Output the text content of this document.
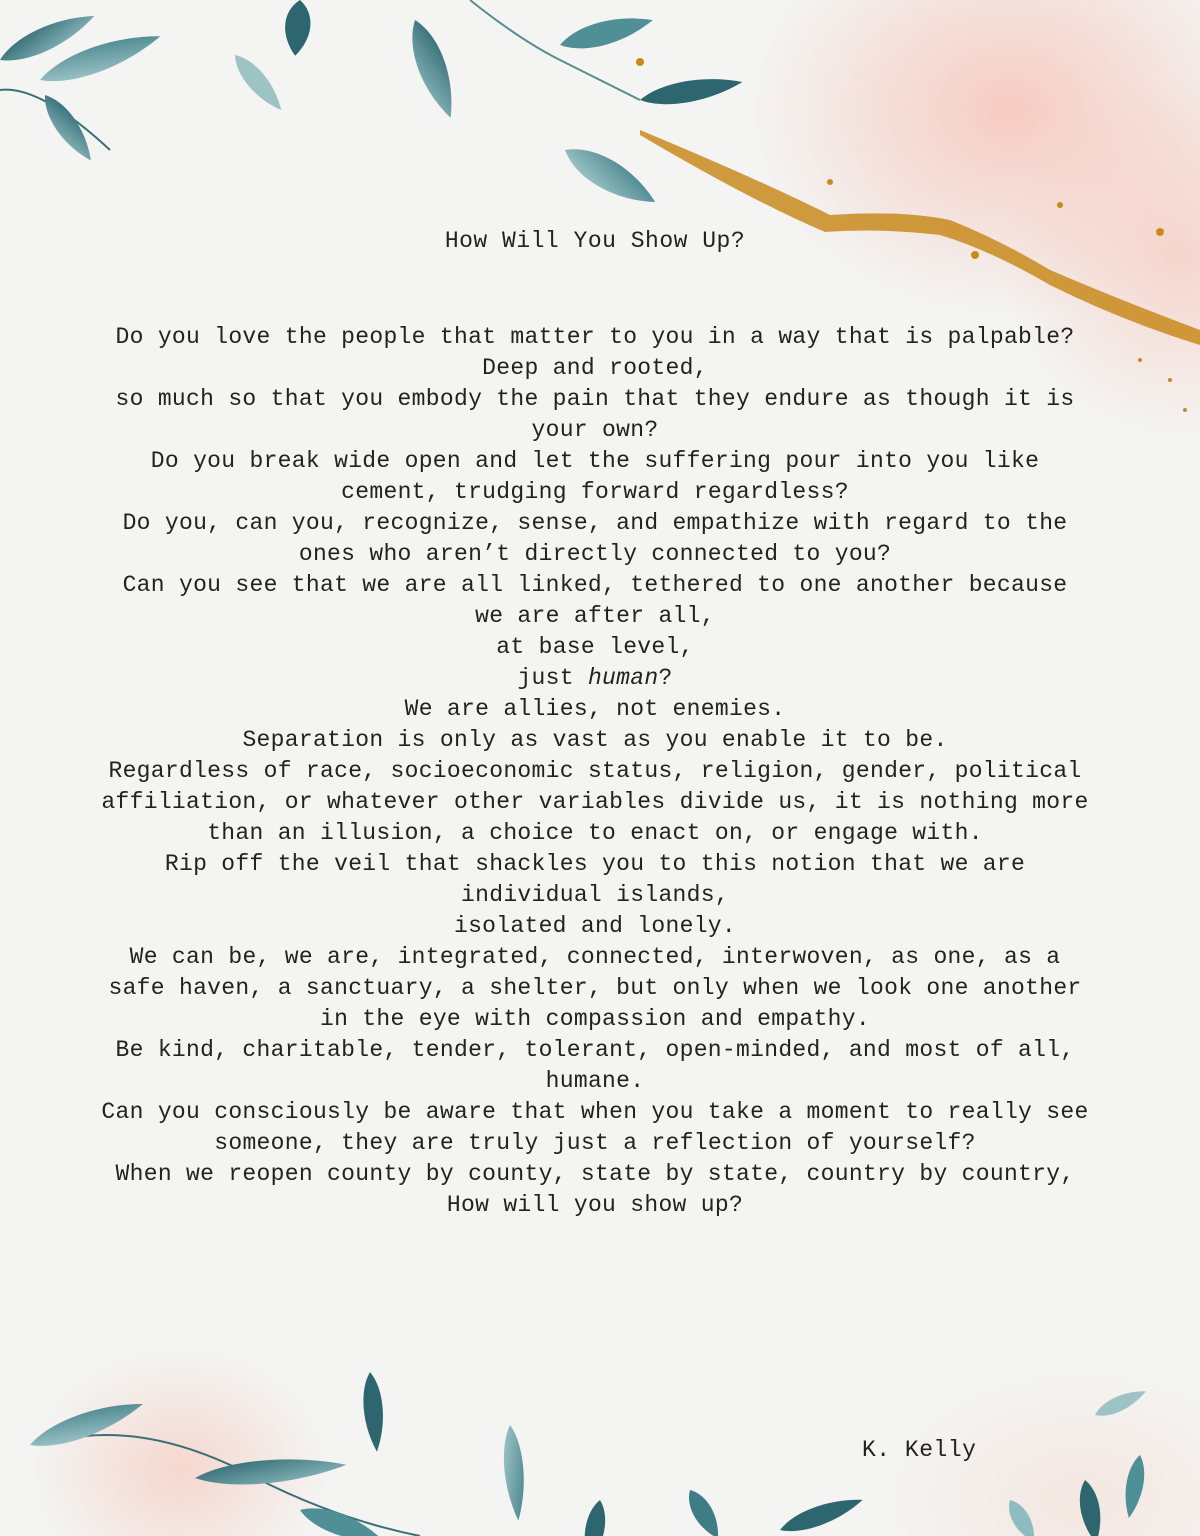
How Will You Show Up?
Do you love the people that matter to you in a way that is palpable?
Deep and rooted,
so much so that you embody the pain that they endure as though it is your own?
Do you break wide open and let the suffering pour into you like cement, trudging forward regardless?
Do you, can you, recognize, sense, and empathize with regard to the ones who aren’t directly connected to you?
Can you see that we are all linked, tethered to one another because
we are after all,
at base level,
just human?
We are allies, not enemies.
Separation is only as vast as you enable it to be.
Regardless of race, socioeconomic status, religion, gender, political affiliation, or whatever other variables divide us, it is nothing more than an illusion, a choice to enact on, or engage with.
Rip off the veil that shackles you to this notion that we are individual islands,
isolated and lonely.
We can be, we are, integrated, connected, interwoven, as one, as a safe haven, a sanctuary, a shelter, but only when we look one another in the eye with compassion and empathy.
Be kind, charitable, tender, tolerant, open-minded, and most of all, humane.
Can you consciously be aware that when you take a moment to really see someone, they are truly just a reflection of yourself?
When we reopen county by county, state by state, country by country,
How will you show up?
K. Kelly
